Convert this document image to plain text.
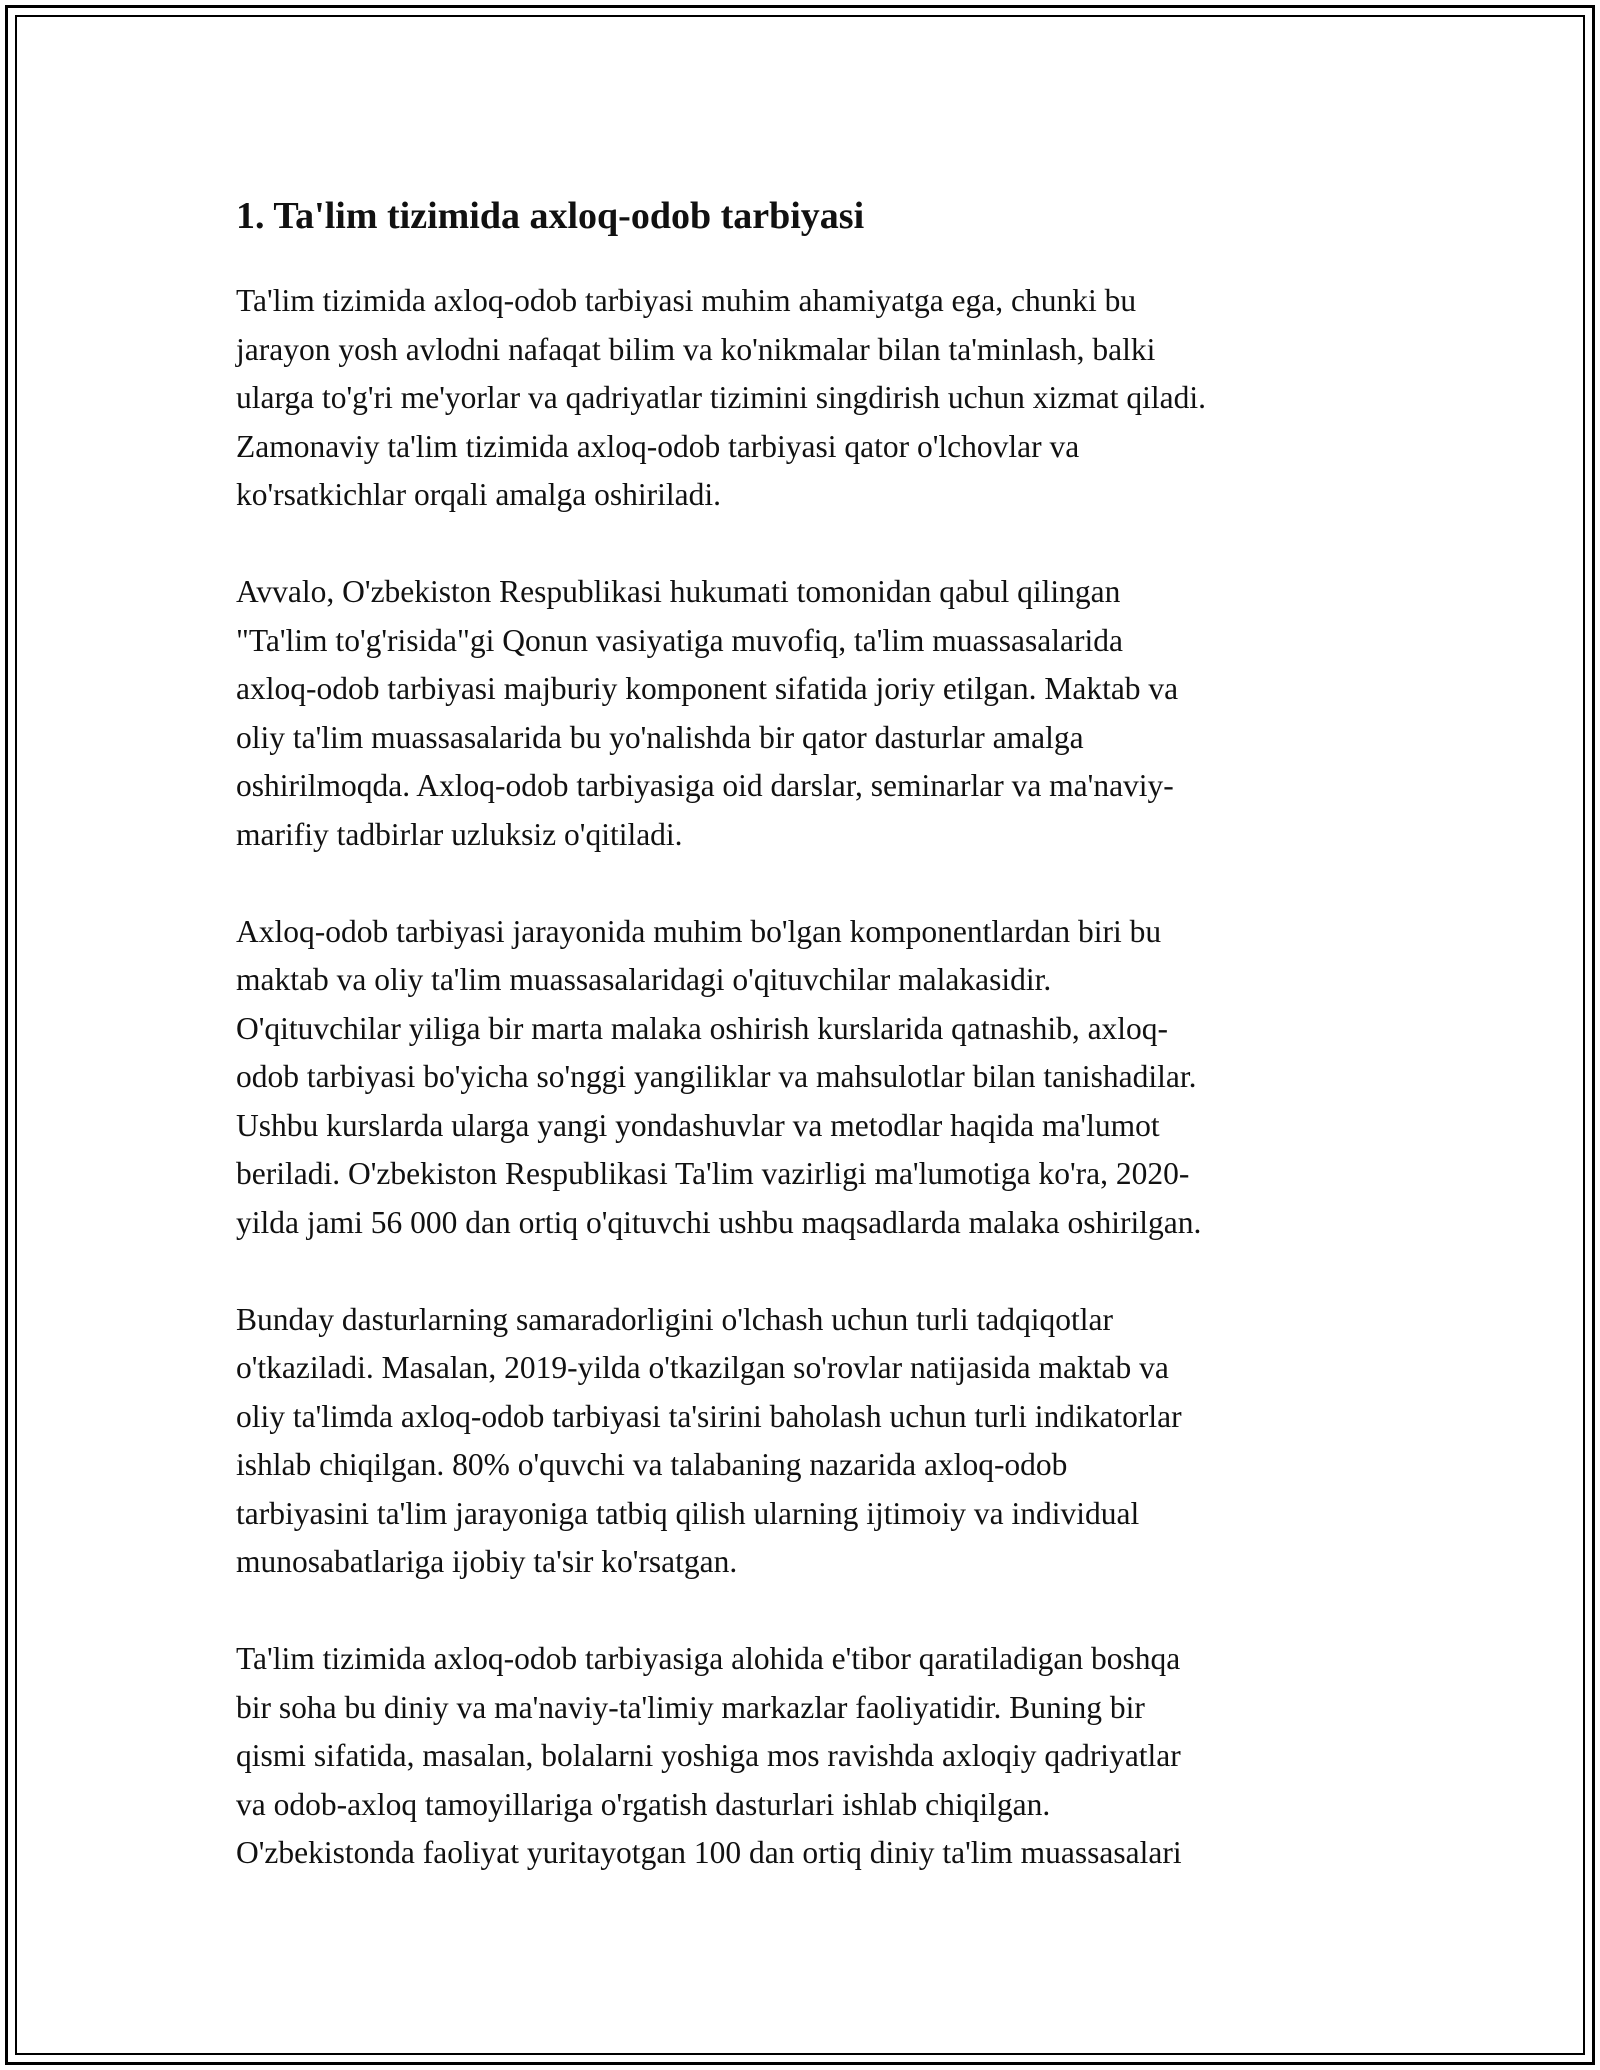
1. Ta'lim tizimida axloq-odob tarbiyasi

Ta'lim tizimida axloq-odob tarbiyasi muhim ahamiyatga ega, chunki bu
jarayon yosh avlodni nafaqat bilim va ko'nikmalar bilan ta'minlash, balki
ularga to'g'ri me'yorlar va qadriyatlar tizimini singdirish uchun xizmat qiladi.
Zamonaviy ta'lim tizimida axloq-odob tarbiyasi qator o'lchovlar va
ko'rsatkichlar orqali amalga oshiriladi.

Avvalo, O'zbekiston Respublikasi hukumati tomonidan qabul qilingan
"Ta'lim to'g'risida"gi Qonun vasiyatiga muvofiq, ta'lim muassasalarida
axloq-odob tarbiyasi majburiy komponent sifatida joriy etilgan. Maktab va
oliy ta'lim muassasalarida bu yo'nalishda bir qator dasturlar amalga
oshirilmoqda. Axloq-odob tarbiyasiga oid darslar, seminarlar va ma'naviy-
marifiy tadbirlar uzluksiz o'qitiladi.

Axloq-odob tarbiyasi jarayonida muhim bo'lgan komponentlardan biri bu
maktab va oliy ta'lim muassasalaridagi o'qituvchilar malakasidir.
O'qituvchilar yiliga bir marta malaka oshirish kurslarida qatnashib, axloq-
odob tarbiyasi bo'yicha so'nggi yangiliklar va mahsulotlar bilan tanishadilar.
Ushbu kurslarda ularga yangi yondashuvlar va metodlar haqida ma'lumot
beriladi. O'zbekiston Respublikasi Ta'lim vazirligi ma'lumotiga ko'ra, 2020-
yilda jami 56 000 dan ortiq o'qituvchi ushbu maqsadlarda malaka oshirilgan.

Bunday dasturlarning samaradorligini o'lchash uchun turli tadqiqotlar
o'tkaziladi. Masalan, 2019-yilda o'tkazilgan so'rovlar natijasida maktab va
oliy ta'limda axloq-odob tarbiyasi ta'sirini baholash uchun turli indikatorlar
ishlab chiqilgan. 80% o'quvchi va talabaning nazarida axloq-odob
tarbiyasini ta'lim jarayoniga tatbiq qilish ularning ijtimoiy va individual
munosabatlariga ijobiy ta'sir ko'rsatgan.

Ta'lim tizimida axloq-odob tarbiyasiga alohida e'tibor qaratiladigan boshqa
bir soha bu diniy va ma'naviy-ta'limiy markazlar faoliyatidir. Buning bir
qismi sifatida, masalan, bolalarni yoshiga mos ravishda axloqiy qadriyatlar
va odob-axloq tamoyillariga o'rgatish dasturlari ishlab chiqilgan.
O'zbekistonda faoliyat yuritayotgan 100 dan ortiq diniy ta'lim muassasalari
